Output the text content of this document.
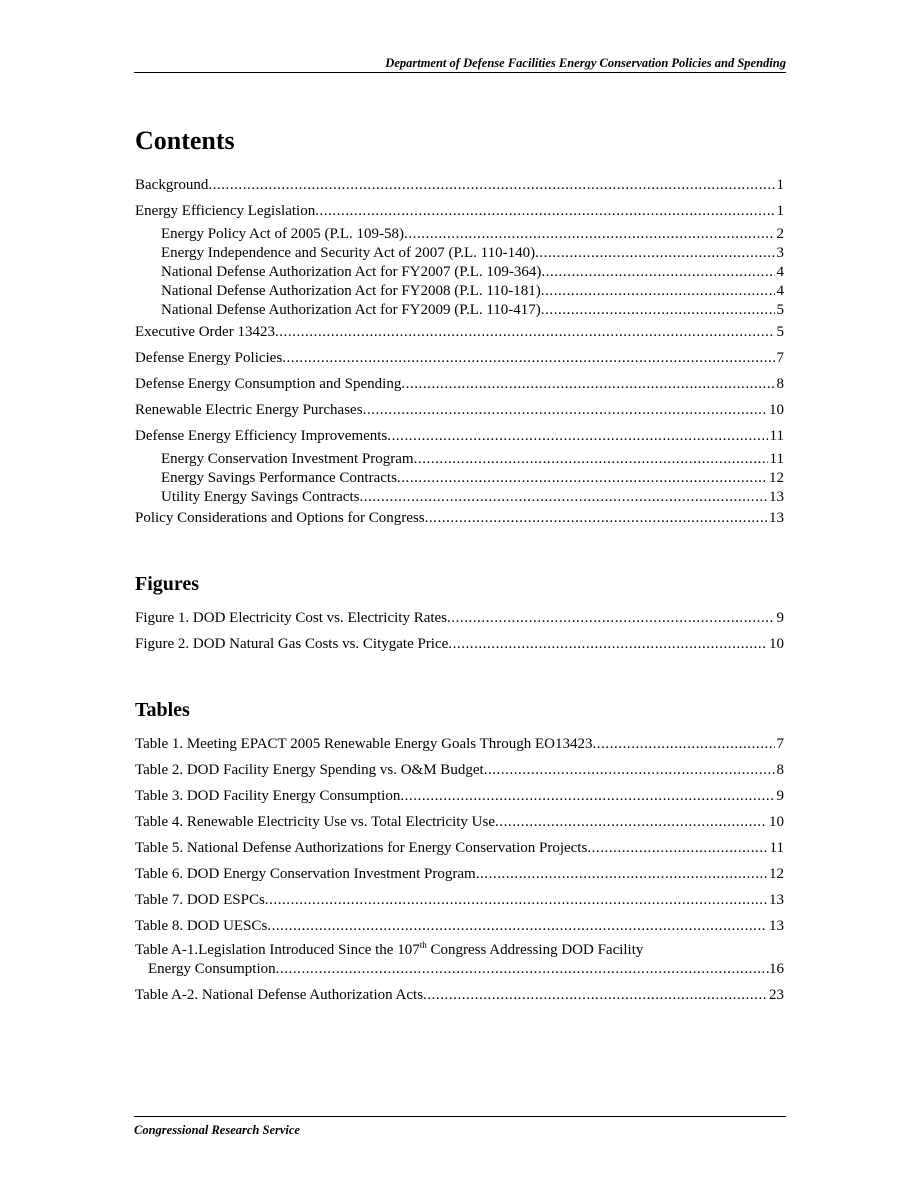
Department of Defense Facilities Energy Conservation Policies and Spending
Contents
Background . . .	1
Energy Efficiency Legislation . . .	1
Energy Policy Act of 2005 (P.L. 109-58) . . .	2
Energy Independence and Security Act of 2007 (P.L. 110-140) . . .	3
National Defense Authorization Act for FY2007 (P.L. 109-364) . . .	4
National Defense Authorization Act for FY2008 (P.L. 110-181) . . .	4
National Defense Authorization Act for FY2009 (P.L. 110-417) . . .	5
Executive Order 13423 . . .	5
Defense Energy Policies . . .	7
Defense Energy Consumption and Spending . . .	8
Renewable Electric Energy Purchases . . .	10
Defense Energy Efficiency Improvements . . .	11
Energy Conservation Investment Program . . .	11
Energy Savings Performance Contracts . . .	12
Utility Energy Savings Contracts . . .	13
Policy Considerations and Options for Congress . . .	13
Figures
Figure 1. DOD Electricity Cost vs. Electricity Rates . . .	9
Figure 2. DOD Natural Gas Costs vs. Citygate Price . . .	10
Tables
Table 1. Meeting EPACT 2005 Renewable Energy Goals Through EO13423 . . .	7
Table 2. DOD Facility Energy Spending vs. O&M Budget . . .	8
Table 3. DOD Facility Energy Consumption . . .	9
Table 4. Renewable Electricity Use vs. Total Electricity Use . . .	10
Table 5. National Defense Authorizations for Energy Conservation Projects . . .	11
Table 6. DOD Energy Conservation Investment Program . . .	12
Table 7. DOD ESPCs . . .	13
Table 8. DOD UESCs . . .	13
Table A-1.Legislation Introduced Since the 107th Congress Addressing DOD Facility
Energy Consumption . . .	16
Table A-2. National Defense Authorization Acts . . .	23
Congressional Research Service
